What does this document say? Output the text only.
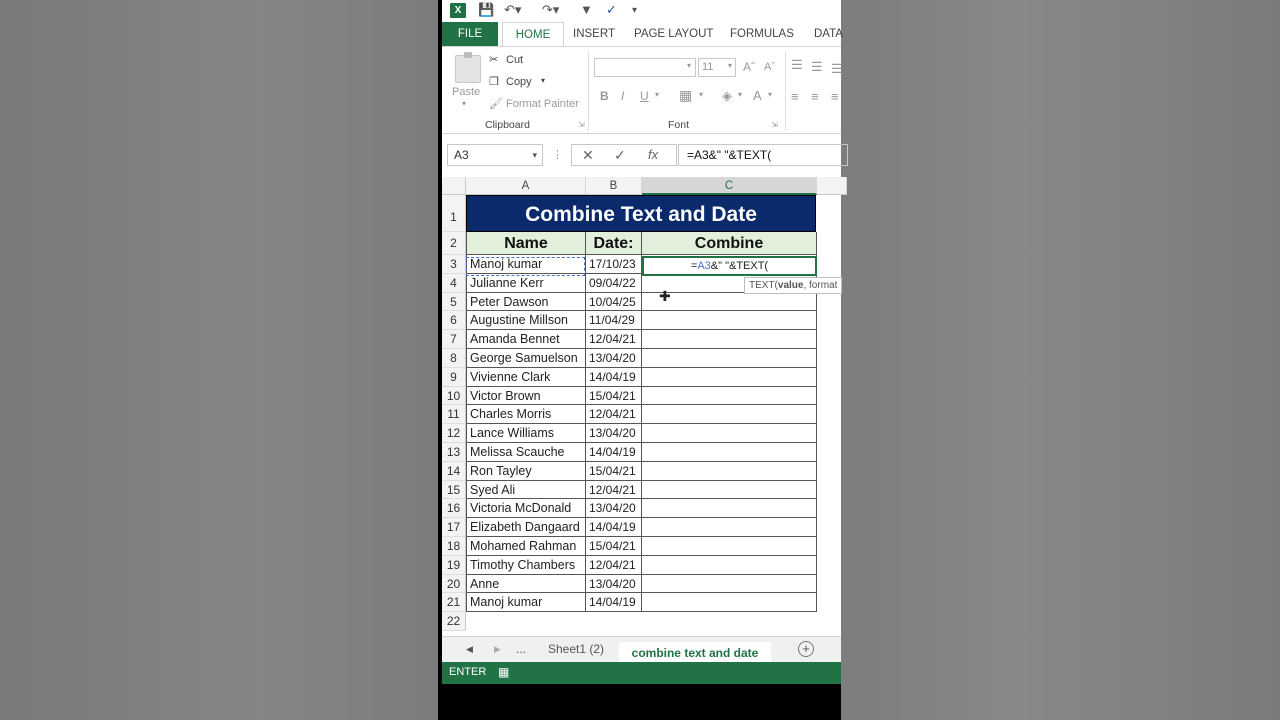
X	💾 ↶▾ ↷▾ ▼ ✓ ▾
FILE	HOME	INSERT PAGE LAYOUT FORMULAS DATA
Paste
▾
✂ Cut
❐ Copy ▾
🖌 Format Painter
Clipboard	⇲
▾ 11 ▾ Aˆ Aˇ
B I U ▾ ▦ ▾ ◈ ▾ A ▾
Font	⇲
☰ ☰ ☰
≡ ≡ ≡
A3	▾ ⋮ ✕ ✓ fx	=A3&" "&TEXT(
A	B	C
1
2
3
4
5
6
7
8
9
10
11
12
13
14
15
16
17
18
19
20
21
22
Combine Text and Date
Name	Date:	Combine
Manoj kumar	17/10/23
Julianne Kerr	09/04/22
Peter Dawson	10/04/25
Augustine Millson	11/04/29
Amanda Bennet	12/04/21
George Samuelson 13/04/20
Vivienne Clark	14/04/19
Victor Brown	15/04/21
Charles Morris	12/04/21
Lance Williams	13/04/20
Melissa Scauche	14/04/19
Ron Tayley	15/04/21
Syed Ali	12/04/21
Victoria McDonald	13/04/20
Elizabeth Dangaard 14/04/19
Mohamed Rahman	15/04/21
Timothy Chambers	12/04/21
Anne	13/04/20
Manoj kumar	14/04/19
=A3&" "&TEXT(
TEXT(value, format
✚
◀ ▶ ... Sheet1 (2)	combine text and date	+
ENTER ▦
